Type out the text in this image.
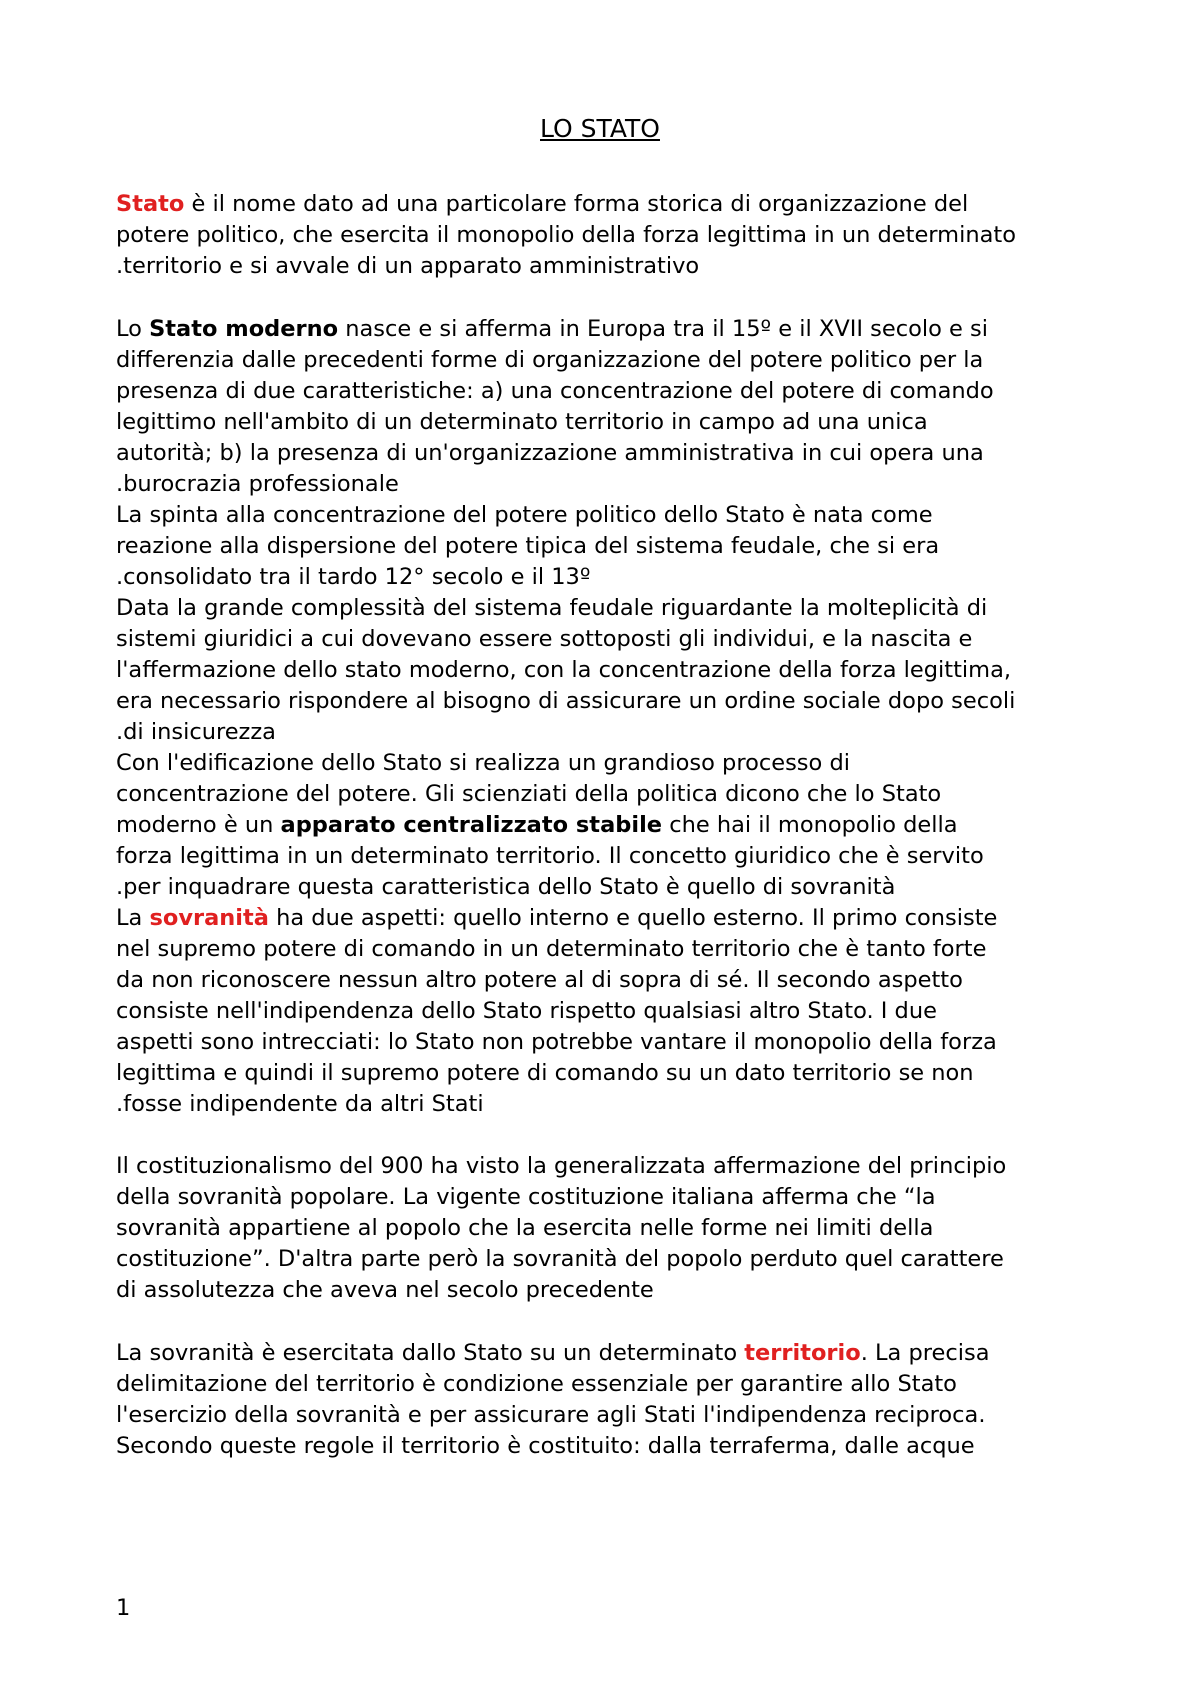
LO STATO
Stato è il nome dato ad una particolare forma storica di organizzazione del
potere politico, che esercita il monopolio della forza legittima in un determinato
.territorio e si avvale di un apparato amministrativo
Lo Stato moderno nasce e si afferma in Europa tra il 15º e il XVII secolo e si
differenzia dalle precedenti forme di organizzazione del potere politico per la
presenza di due caratteristiche: a) una concentrazione del potere di comando
legittimo nell'ambito di un determinato territorio in campo ad una unica
autorità; b) la presenza di un'organizzazione amministrativa in cui opera una
.burocrazia professionale
La spinta alla concentrazione del potere politico dello Stato è nata come
reazione alla dispersione del potere tipica del sistema feudale, che si era
.consolidato tra il tardo 12° secolo e il 13º
Data la grande complessità del sistema feudale riguardante la molteplicità di
sistemi giuridici a cui dovevano essere sottoposti gli individui, e la nascita e
l'affermazione dello stato moderno, con la concentrazione della forza legittima,
era necessario rispondere al bisogno di assicurare un ordine sociale dopo secoli
.di insicurezza
Con l'edificazione dello Stato si realizza un grandioso processo di
concentrazione del potere. Gli scienziati della politica dicono che lo Stato
moderno è un apparato centralizzato stabile che hai il monopolio della
forza legittima in un determinato territorio. Il concetto giuridico che è servito
.per inquadrare questa caratteristica dello Stato è quello di sovranità
La sovranità ha due aspetti: quello interno e quello esterno. Il primo consiste
nel supremo potere di comando in un determinato territorio che è tanto forte
da non riconoscere nessun altro potere al di sopra di sé. Il secondo aspetto
consiste nell'indipendenza dello Stato rispetto qualsiasi altro Stato. I due
aspetti sono intrecciati: lo Stato non potrebbe vantare il monopolio della forza
legittima e quindi il supremo potere di comando su un dato territorio se non
.fosse indipendente da altri Stati
Il costituzionalismo del 900 ha visto la generalizzata affermazione del principio
della sovranità popolare. La vigente costituzione italiana afferma che “la
sovranità appartiene al popolo che la esercita nelle forme nei limiti della
costituzione”. D'altra parte però la sovranità del popolo perduto quel carattere
di assolutezza che aveva nel secolo precedente
La sovranità è esercitata dallo Stato su un determinato territorio. La precisa
delimitazione del territorio è condizione essenziale per garantire allo Stato
l'esercizio della sovranità e per assicurare agli Stati l'indipendenza reciproca.
Secondo queste regole il territorio è costituito: dalla terraferma, dalle acque
1
